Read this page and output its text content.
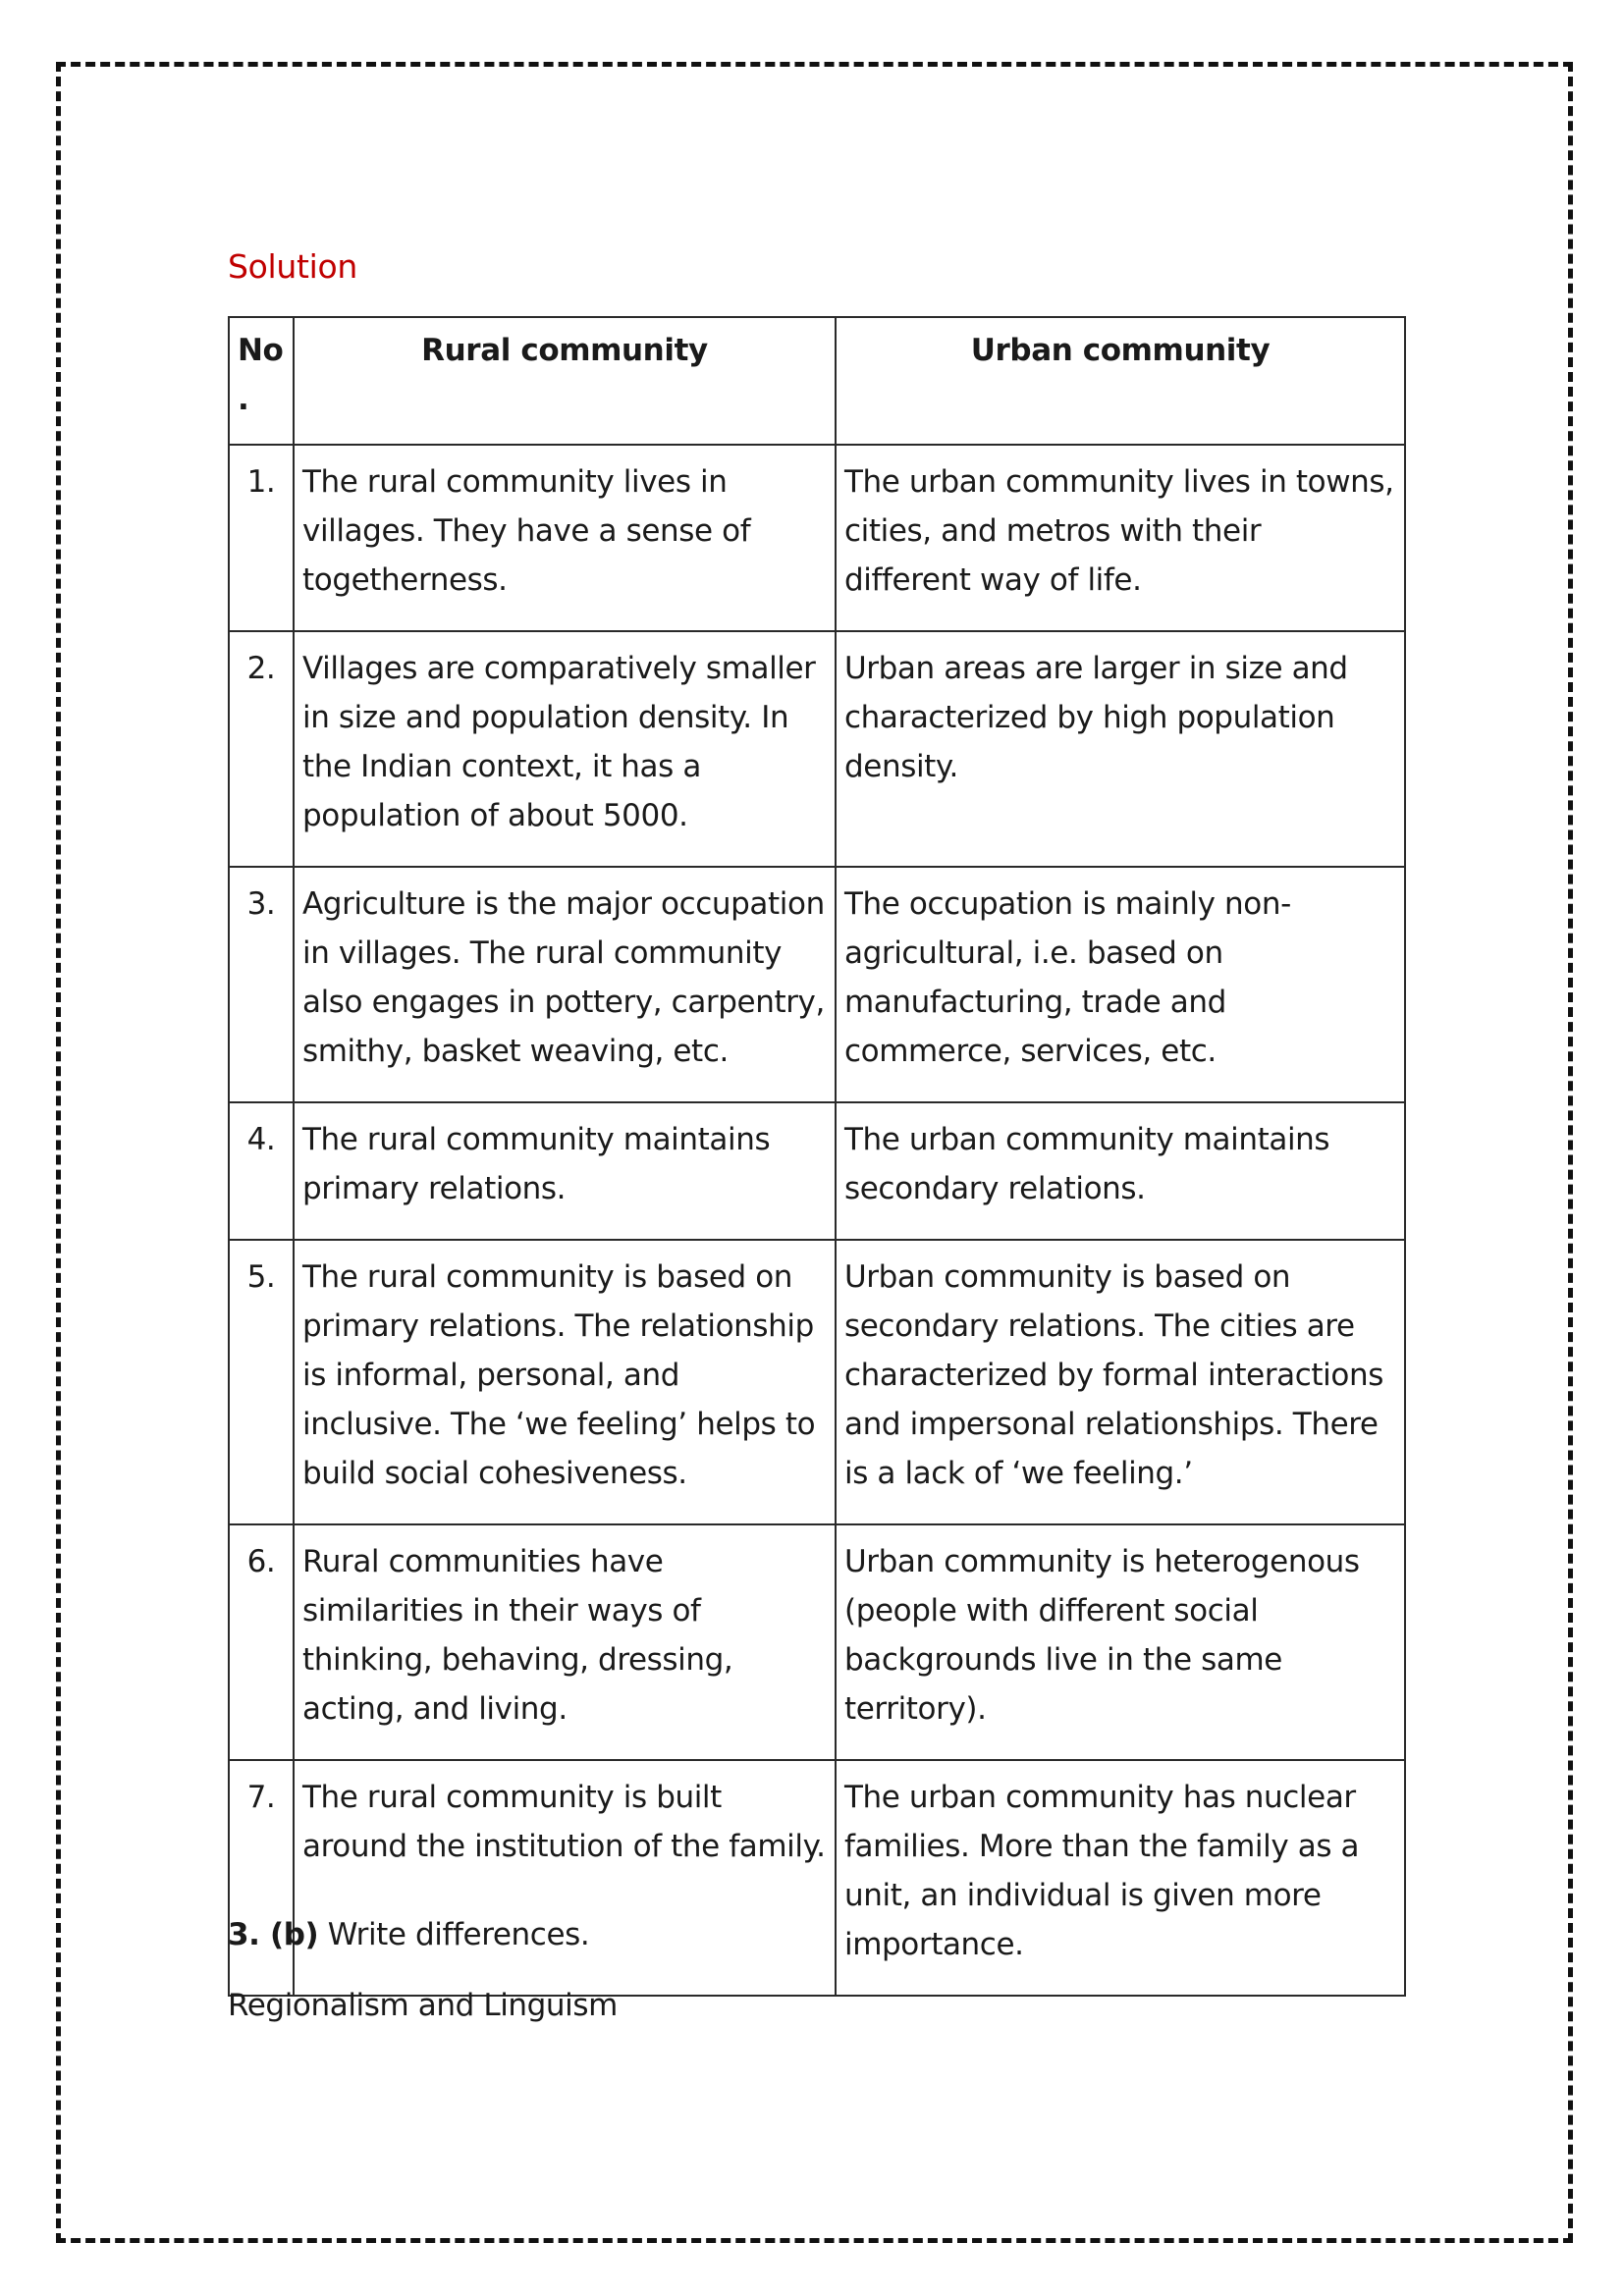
Solution
No.	Rural community	Urban community
1.	The rural community lives in villages. They have a sense of togetherness.	The urban community lives in towns, cities, and metros with their different way of life.
2.	Villages are comparatively smaller in size and population density. In the Indian context, it has a population of about 5000.	Urban areas are larger in size and characterized by high population density.
3.	Agriculture is the major occupation in villages. The rural community also engages in pottery, carpentry, smithy, basket weaving, etc.	The occupation is mainly non-agricultural, i.e. based on manufacturing, trade and commerce, services, etc.
4.	The rural community maintains primary relations.	The urban community maintains secondary relations.
5.	The rural community is based on primary relations. The relationship is informal, personal, and inclusive. The ‘we feeling’ helps to build social cohesiveness.	Urban community is based on secondary relations. The cities are characterized by formal interactions and impersonal relationships. There is a lack of ‘we feeling.’
6.	Rural communities have similarities in their ways of thinking, behaving, dressing, acting, and living.	Urban community is heterogenous (people with different social backgrounds live in the same territory).
7.	The rural community is built around the institution of the family.	The urban community has nuclear families. More than the family as a unit, an individual is given more importance.
3. (b) Write differences.
Regionalism and Linguism
